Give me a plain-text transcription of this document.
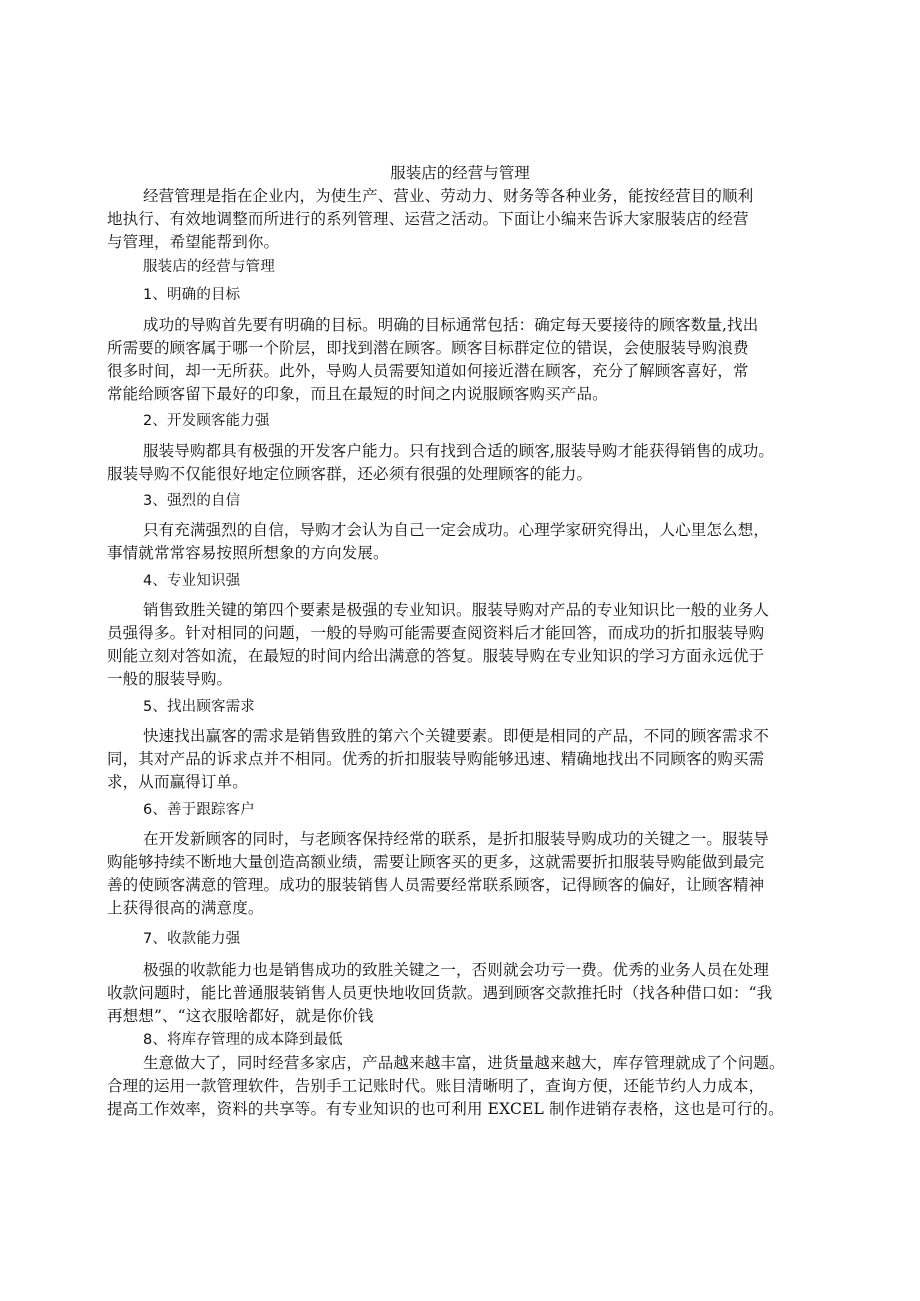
服装店的经营与管理
经营管理是指在企业内，为使生产、营业、劳动力、财务等各种业务，能按经营目的顺利
地执行、有效地调整而所进行的系列管理、运营之活动。下面让小编来告诉大家服装店的经营
与管理，希望能帮到你。
服装店的经营与管理
1、明确的目标
成功的导购首先要有明确的目标。明确的目标通常包括：确定每天要接待的顾客数量,找出
所需要的顾客属于哪一个阶层，即找到潜在顾客。顾客目标群定位的错误，会使服装导购浪费
很多时间，却一无所获。此外，导购人员需要知道如何接近潜在顾客，充分了解顾客喜好，常
常能给顾客留下最好的印象，而且在最短的时间之内说服顾客购买产品。
2、开发顾客能力强
服装导购都具有极强的开发客户能力。只有找到合适的顾客,服装导购才能获得销售的成功。
服装导购不仅能很好地定位顾客群，还必须有很强的处理顾客的能力。
3、强烈的自信
只有充满强烈的自信，导购才会认为自己一定会成功。心理学家研究得出，人心里怎么想，
事情就常常容易按照所想象的方向发展。
4、专业知识强
销售致胜关键的第四个要素是极强的专业知识。服装导购对产品的专业知识比一般的业务人
员强得多。针对相同的问题，一般的导购可能需要查阅资料后才能回答，而成功的折扣服装导购
则能立刻对答如流，在最短的时间内给出满意的答复。服装导购在专业知识的学习方面永远优于
一般的服装导购。
5、找出顾客需求
快速找出赢客的需求是销售致胜的第六个关键要素。即便是相同的产品，不同的顾客需求不
同，其对产品的诉求点并不相同。优秀的折扣服装导购能够迅速、精确地找出不同顾客的购买需
求，从而赢得订单。
6、善于跟踪客户
在开发新顾客的同时，与老顾客保持经常的联系，是折扣服装导购成功的关键之一。服装导
购能够持续不断地大量创造高额业绩，需要让顾客买的更多，这就需要折扣服装导购能做到最完
善的使顾客满意的管理。成功的服装销售人员需要经常联系顾客，记得顾客的偏好，让顾客精神
上获得很高的满意度。
7、收款能力强
极强的收款能力也是销售成功的致胜关键之一，否则就会功亏一费。优秀的业务人员在处理
收款问题时，能比普通服装销售人员更快地收回货款。遇到顾客交款推托时（找各种借口如：“我
再想想”、“这衣服啥都好，就是你价钱
8、将库存管理的成本降到最低
生意做大了，同时经营多家店，产品越来越丰富，进货量越来越大，库存管理就成了个问题。
合理的运用一款管理软件，告别手工记账时代。账目清晰明了，查询方便，还能节约人力成本，
提高工作效率，资料的共享等。有专业知识的也可利用 EXCEL 制作进销存表格，这也是可行的。
